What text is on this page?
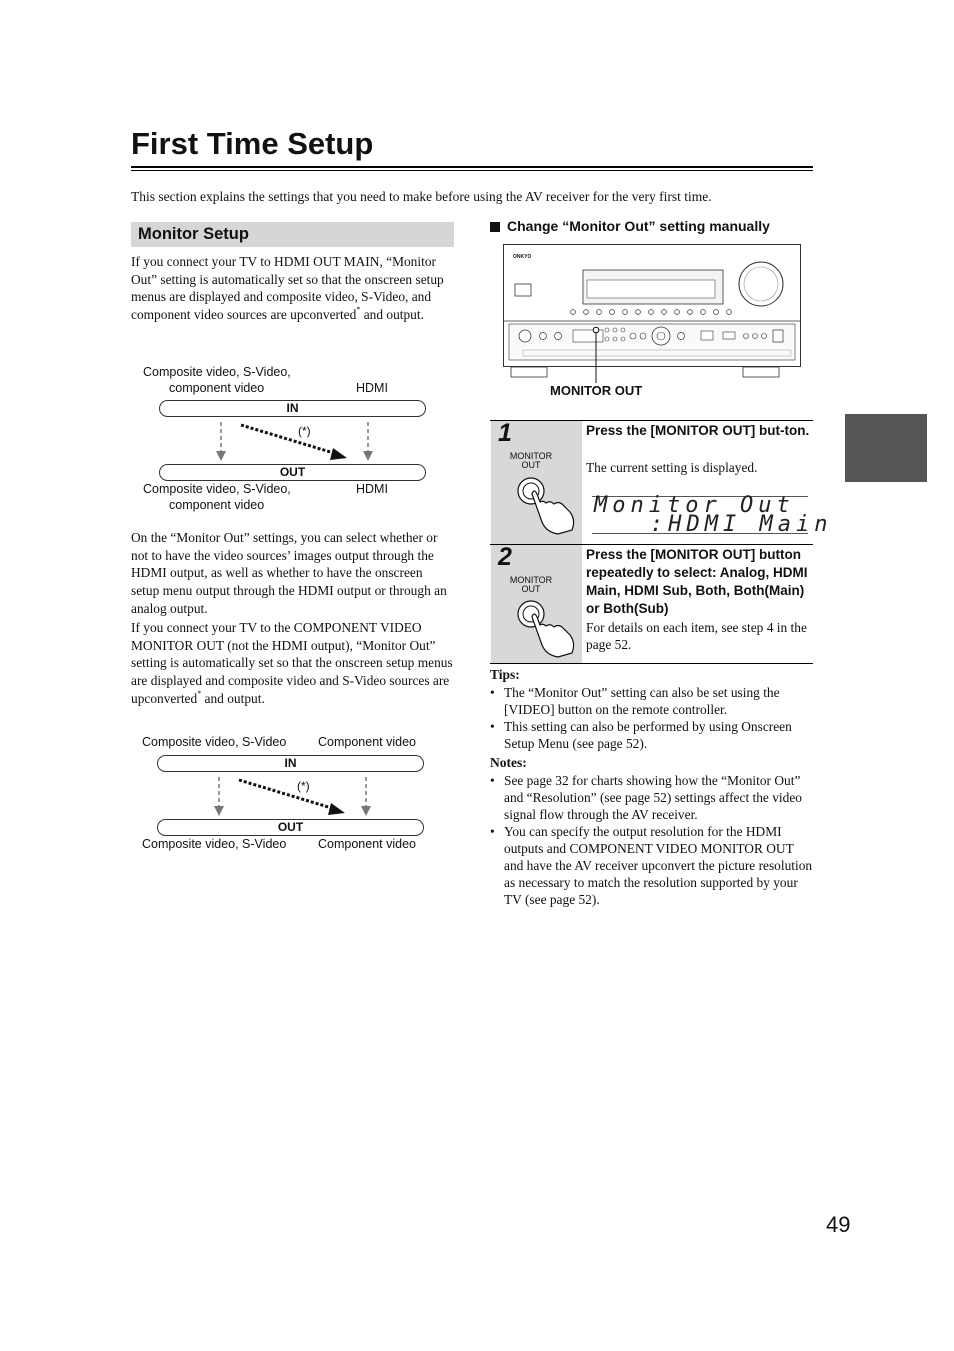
First Time Setup
This section explains the settings that you need to make before using the AV receiver for the very first time.
Monitor Setup
If you connect your TV to HDMI OUT MAIN, “Monitor Out” setting is automatically set so that the onscreen setup menus are displayed and composite video, S-Video, and component video sources are upconverted* and output.
Composite video, S-Video,
component video	HDMI
IN
(*)
OUT
Composite video, S-Video,
component video
HDMI
On the “Monitor Out” settings, you can select whether or not to have the video sources’ images output through the HDMI output, as well as whether to have the onscreen setup menu output through the HDMI output or through an analog output.
If you connect your TV to the COMPONENT VIDEO MONITOR OUT (not the HDMI output), “Monitor Out” setting is automatically set so that the onscreen setup menus are displayed and composite video and S-Video sources are upconverted* and output.
Composite video, S-Video	Component video
IN
(*)
OUT
Composite video, S-Video	Component video
Change “Monitor Out” setting manually
ONKYO
MONITOR OUT
1
MONITOR
OUT
Press the [MONITOR OUT] but-ton.
The current setting is displayed.
Monitor Out
:HDMI Main
2
MONITOR
OUT
Press the [MONITOR OUT] button repeatedly to select: Analog, HDMI Main, HDMI Sub, Both, Both(Main) or Both(Sub)
For details on each item, see step 4 in the page 52.
Tips:
• The “Monitor Out” setting can also be set using the [VIDEO] button on the remote controller.
• This setting can also be performed by using Onscreen Setup Menu (see page 52).
Notes:
• See page 32 for charts showing how the “Monitor Out” and “Resolution” (see page 52) settings affect the video signal flow through the AV receiver.
• You can specify the output resolution for the HDMI outputs and COMPONENT VIDEO MONITOR OUT and have the AV receiver upconvert the picture resolution as necessary to match the resolution supported by your TV (see page 52).
49
